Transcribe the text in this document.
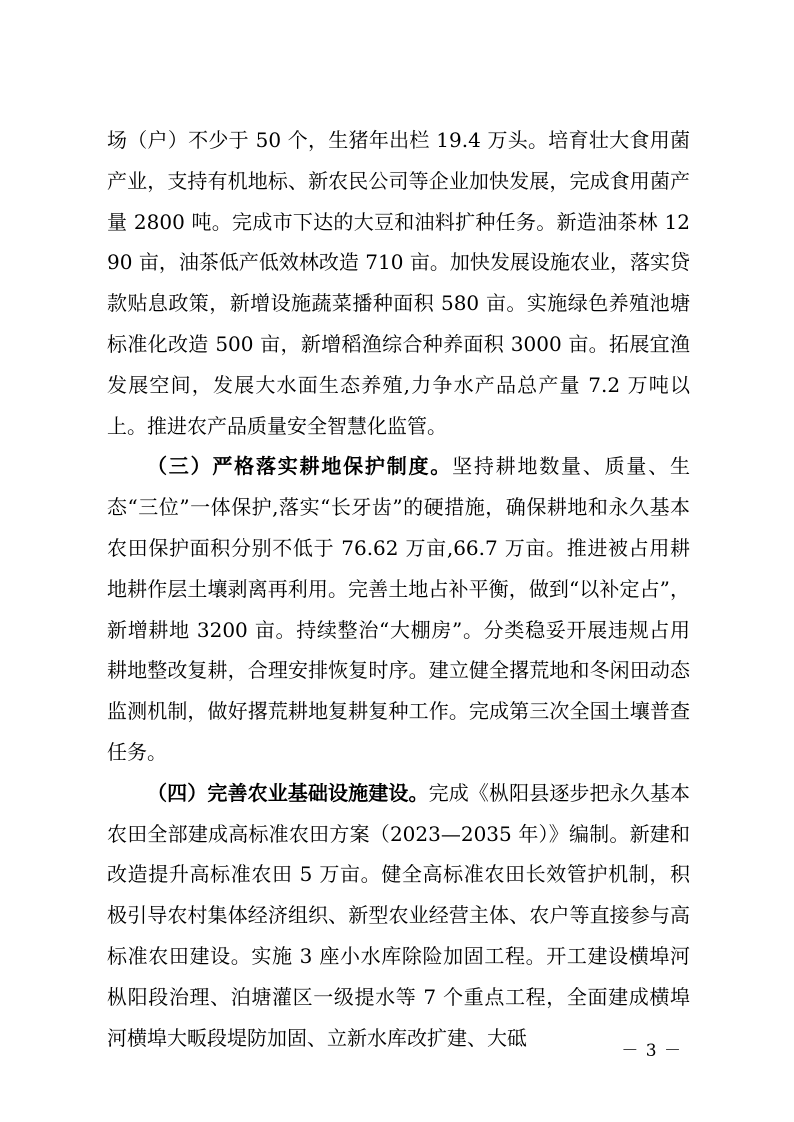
场（户）不少于 50 个，生猪年出栏 19.4 万头。培育壮大食用菌产业，支持有机地标、新农民公司等企业加快发展，完成食用菌产量 2800 吨。完成市下达的大豆和油料扩种任务。新造油茶林 1290 亩，油茶低产低效林改造 710 亩。加快发展设施农业，落实贷款贴息政策，新增设施蔬菜播种面积 580 亩。实施绿色养殖池塘标准化改造 500 亩，新增稻渔综合种养面积 3000 亩。拓展宜渔发展空间，发展大水面生态养殖,力争水产品总产量 7.2 万吨以上。推进农产品质量安全智慧化监管。

（三）严格落实耕地保护制度。坚持耕地数量、质量、生态“三位”一体保护,落实“长牙齿”的硬措施，确保耕地和永久基本农田保护面积分别不低于 76.62 万亩,66.7 万亩。推进被占用耕地耕作层土壤剥离再利用。完善土地占补平衡，做到“以补定占”，新增耕地 3200 亩。持续整治“大棚房”。分类稳妥开展违规占用耕地整改复耕，合理安排恢复时序。建立健全撂荒地和冬闲田动态监测机制，做好撂荒耕地复耕复种工作。完成第三次全国土壤普查任务。

（四）完善农业基础设施建设。完成《枞阳县逐步把永久基本农田全部建成高标准农田方案（2023—2035 年）》编制。新建和改造提升高标准农田 5 万亩。健全高标准农田长效管护机制，积极引导农村集体经济组织、新型农业经营主体、农户等直接参与高标准农田建设。实施 3 座小水库除险加固工程。开工建设横埠河枞阳段治理、泊塘灌区一级提水等 7 个重点工程，全面建成横埠河横埠大畈段堤防加固、立新水库改扩建、大砥

－ 3 －
